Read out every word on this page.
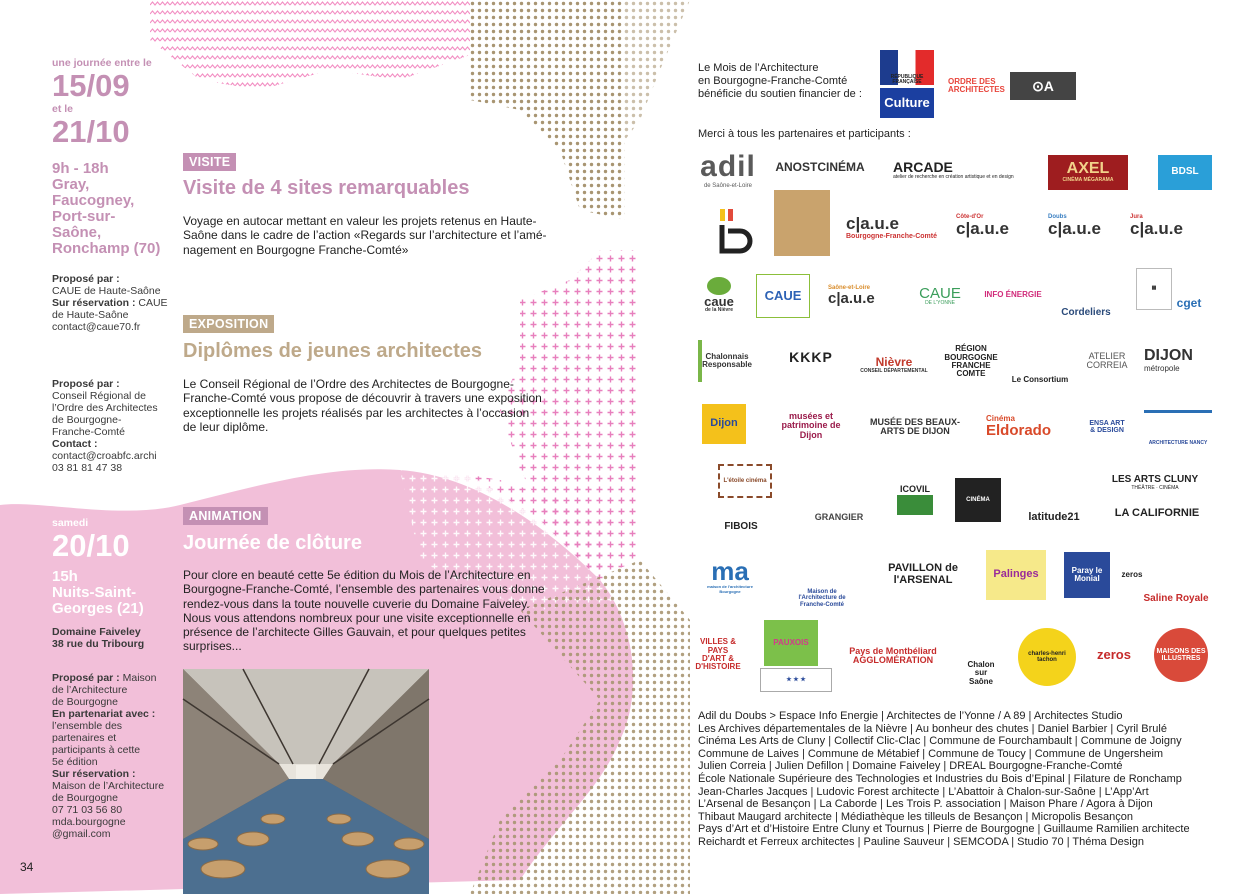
une journée entre le
15/09
et le
21/10
9h - 18h
Gray,
Faucogney,
Port-sur-
Saône,
Ronchamp (70)
Proposé par :
CAUE de Haute-Saône
Sur réservation : CAUE
de Haute-Saône
contact@caue70.fr
Proposé par :
Conseil Régional de
l’Ordre des Architectes
de Bourgogne-
Franche-Comté
Contact :
contact@croabfc.archi
03 81 81 47 38
samedi
20/10
15h
Nuits-Saint-
Georges (21)
Domaine Faiveley
38 rue du Tribourg
Proposé par : Maison
de l’Architecture
de Bourgogne
En partenariat avec :
l’ensemble des
partenaires et
participants à cette
5e édition
Sur réservation :
Maison de l’Architecture
de Bourgogne
07 71 03 56 80
mda.bourgogne
@gmail.com
VISITE
Visite de 4 sites remarquables
Voyage en autocar mettant en valeur les projets retenus en Haute-
Saône dans le cadre de l’action «Regards sur l’architecture et l’amé-
nagement en Bourgogne Franche-Comté»
EXPOSITION
Diplômes de jeunes architectes
Le Conseil Régional de l’Ordre des Architectes de Bourgogne-
Franche-Comté vous propose de découvrir à travers une exposition
exceptionnelle les projets réalisés par les architectes à l’occasion
de leur diplôme.
ANIMATION
Journée de clôture
Pour clore en beauté cette 5e édition du Mois de l’Architecture en
Bourgogne-Franche-Comté, l’ensemble des partenaires vous donne
rendez-vous dans la toute nouvelle cuverie du Domaine Faiveley.
Nous vous attendons nombreux pour une visite exceptionnelle en
présence de l’architecte Gilles Gauvain, et pour quelques petites
surprises...
34
Le Mois de l’Architecture
en Bourgogne-Franche-Comté
bénéficie du soutien financier de :
Merci à tous les partenaires et participants :
RÉPUBLIQUE FRANÇAISE
Culture
ORDRE DES ARCHITECTES	⊙A
adil
de Saône-et-Loire
ANOSTCINÉMA ARCADE
atelier de recherche en création artistique et en design	AXEL
CINÉMA MÉGARAMA
BDSL
c|a.u.e
Bourgogne-Franche-Comté
Côte-d'Or
c|a.u.e
Doubs
c|a.u.e
Jura
c|a.u.e
caue
de la Nièvre
CAUE
Saône-et-Loire
c|a.u.e	CAUE
DE L'YONNE
INFO ÉNERGIE
Cordeliers
▦
cget
Chalonnais Responsable	KKKP	Nièvre
CONSEIL DÉPARTEMENTAL
RÉGION BOURGOGNE FRANCHE COMTE
Le Consortium
ATELIER CORREIA
DIJON
métropole
Dijon
musées et patrimoine de Dijon
MUSÉE DES BEAUX-ARTS DE DIJON
Cinéma
Eldorado	ENSA ART & DESIGN
ARCHITECTURE NANCY
L'étoile cinéma
GRANGIER
ICOVIL
CINÉMA
latitude21
LES ARTS CLUNY
THÉÂTRE · CINÉMA
FIBOIS
LA CALIFORNIE
ma
maison de l'architecture Bourgogne	Maison de l'Architecture de Franche-Comté
PAVILLON de l'ARSENAL	Palinges	Paray le Monial	zeros
Saline Royale
VILLES & PAYS D'ART & D'HISTOIRE
PAUXOIS
★ ★ ★
Pays de Montbéliard AGGLOMÉRATION	Chalon sur Saône
charles-henri tachon	zeros	MAISONS DES ILLUSTRES
Adil du Doubs > Espace Info Energie | Architectes de l’Yonne / A 89 | Architectes Studio
Les Archives départementales de la Nièvre | Au bonheur des chutes | Daniel Barbier | Cyril Brulé
Cinéma Les Arts de Cluny | Collectif Clic-Clac | Commune de Fourchambault | Commune de Joigny
Commune de Laives | Commune de Métabief | Commune de Toucy | Commune de Ungersheim
Julien Correia | Julien Defillon | Domaine Faiveley | DREAL Bourgogne-Franche-Comté
École Nationale Supérieure des Technologies et Industries du Bois d’Epinal | Filature de Ronchamp
Jean-Charles Jacques | Ludovic Forest architecte | L’Abattoir à Chalon-sur-Saône | L’App’Art
L’Arsenal de Besançon | La Caborde | Les Trois P. association | Maison Phare / Agora à Dijon
Thibaut Maugard architecte | Médiathèque les tilleuls de Besançon | Micropolis Besançon
Pays d’Art et d’Histoire Entre Cluny et Tournus | Pierre de Bourgogne | Guillaume Ramilien architecte
Reichardt et Ferreux architectes | Pauline Sauveur | SEMCODA | Studio 70 | Théma Design
